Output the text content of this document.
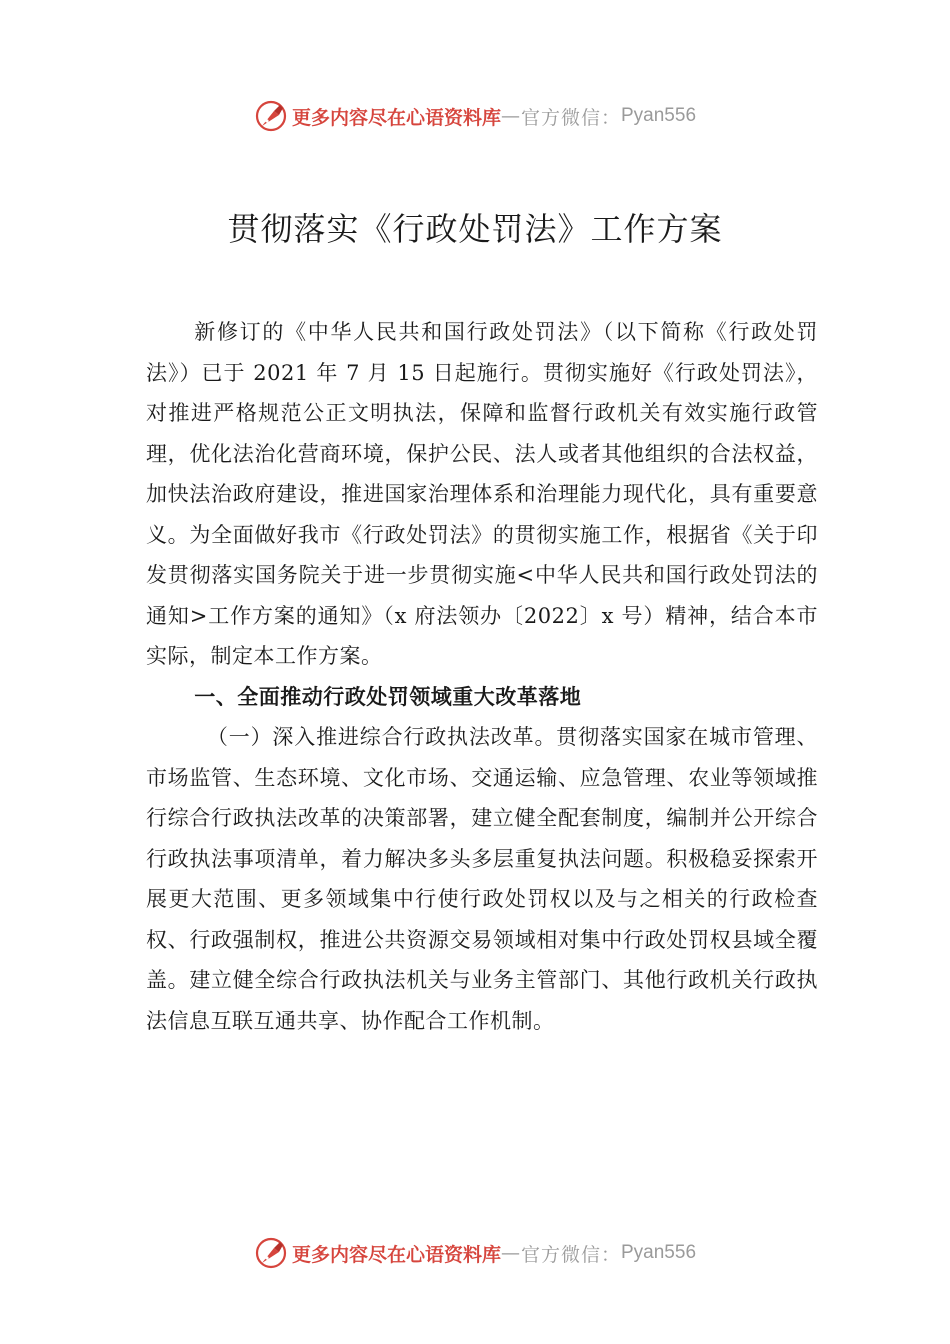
更多内容尽在心语资料库 — 官方微信： Pyan556
贯彻落实《行政处罚法》工作方案

新修订的《中华人民共和国行政处罚法》（以下简称《行政处罚法》）已于 2021 年 7 月 15 日起施行。贯彻实施好《行政处罚法》，对推进严格规范公正文明执法，保障和监督行政机关有效实施行政管理，优化法治化营商环境，保护公民、法人或者其他组织的合法权益，加快法治政府建设，推进国家治理体系和治理能力现代化，具有重要意义。为全面做好我市《行政处罚法》的贯彻实施工作，根据省《关于印发贯彻落实国务院关于进一步贯彻实施<中华人民共和国行政处罚法的通知>工作方案的通知》（x 府法领办〔2022〕x 号）精神，结合本市实际，制定本工作方案。

一、全面推动行政处罚领域重大改革落地

（一）深入推进综合行政执法改革。贯彻落实国家在城市管理、市场监管、生态环境、文化市场、交通运输、应急管理、农业等领域推行综合行政执法改革的决策部署，建立健全配套制度，编制并公开综合行政执法事项清单，着力解决多头多层重复执法问题。积极稳妥探索开展更大范围、更多领域集中行使行政处罚权以及与之相关的行政检查权、行政强制权，推进公共资源交易领域相对集中行政处罚权县域全覆盖。建立健全综合行政执法机关与业务主管部门、其他行政机关行政执法信息互联互通共享、协作配合工作机制。

更多内容尽在心语资料库 — 官方微信： Pyan556
